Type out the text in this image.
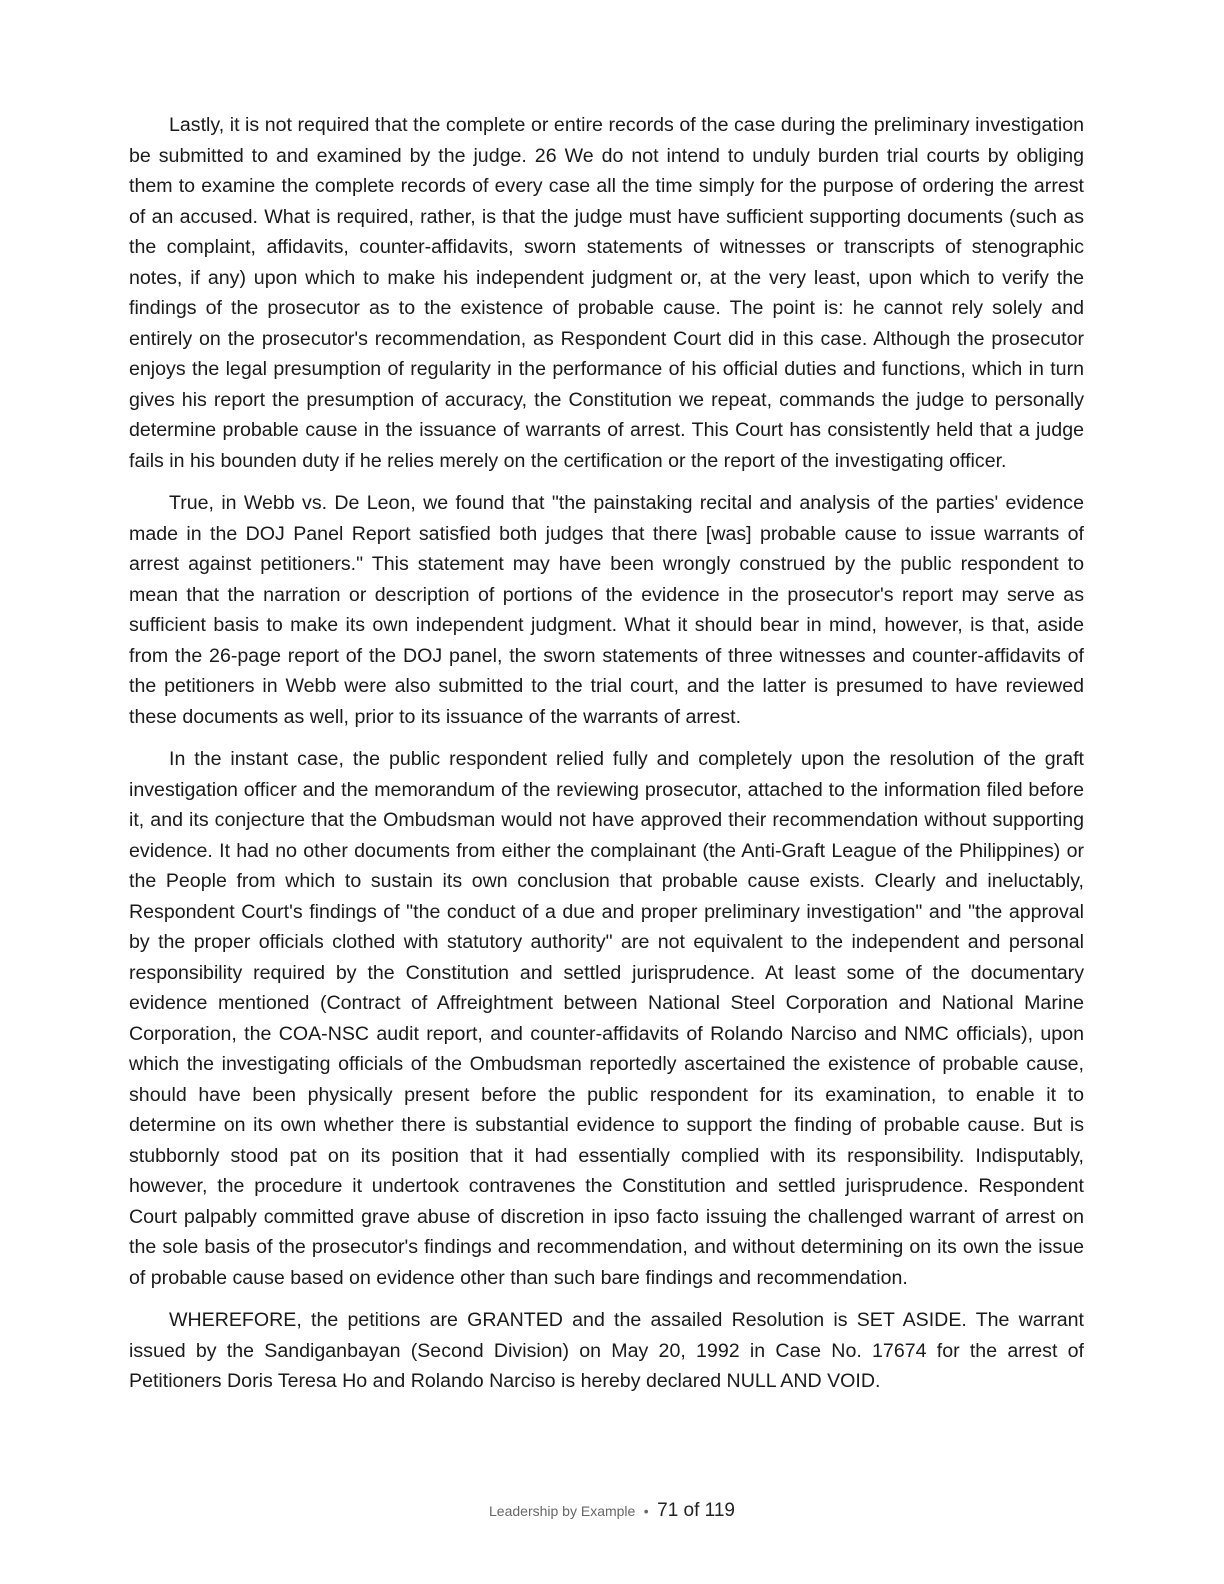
Lastly, it is not required that the complete or entire records of the case during the preliminary investigation be submitted to and examined by the judge. 26 We do not intend to unduly burden trial courts by obliging them to examine the complete records of every case all the time simply for the purpose of ordering the arrest of an accused. What is required, rather, is that the judge must have sufficient supporting documents (such as the complaint, affidavits, counter-affidavits, sworn statements of witnesses or transcripts of stenographic notes, if any) upon which to make his independent judgment or, at the very least, upon which to verify the findings of the prosecutor as to the existence of probable cause. The point is: he cannot rely solely and entirely on the prosecutor's recommendation, as Respondent Court did in this case. Although the prosecutor enjoys the legal presumption of regularity in the performance of his official duties and functions, which in turn gives his report the presumption of accuracy, the Constitution we repeat, commands the judge to personally determine probable cause in the issuance of warrants of arrest. This Court has consistently held that a judge fails in his bounden duty if he relies merely on the certification or the report of the investigating officer.

True, in Webb vs. De Leon, we found that "the painstaking recital and analysis of the parties' evidence made in the DOJ Panel Report satisfied both judges that there [was] probable cause to issue warrants of arrest against petitioners." This statement may have been wrongly construed by the public respondent to mean that the narration or description of portions of the evidence in the prosecutor's report may serve as sufficient basis to make its own independent judgment. What it should bear in mind, however, is that, aside from the 26-page report of the DOJ panel, the sworn statements of three witnesses and counter-affidavits of the petitioners in Webb were also submitted to the trial court, and the latter is presumed to have reviewed these documents as well, prior to its issuance of the warrants of arrest.

In the instant case, the public respondent relied fully and completely upon the resolution of the graft investigation officer and the memorandum of the reviewing prosecutor, attached to the information filed before it, and its conjecture that the Ombudsman would not have approved their recommendation without supporting evidence. It had no other documents from either the complainant (the Anti-Graft League of the Philippines) or the People from which to sustain its own conclusion that probable cause exists. Clearly and ineluctably, Respondent Court's findings of "the conduct of a due and proper preliminary investigation" and "the approval by the proper officials clothed with statutory authority" are not equivalent to the independent and personal responsibility required by the Constitution and settled jurisprudence. At least some of the documentary evidence mentioned (Contract of Affreightment between National Steel Corporation and National Marine Corporation, the COA-NSC audit report, and counter-affidavits of Rolando Narciso and NMC officials), upon which the investigating officials of the Ombudsman reportedly ascertained the existence of probable cause, should have been physically present before the public respondent for its examination, to enable it to determine on its own whether there is substantial evidence to support the finding of probable cause. But is stubbornly stood pat on its position that it had essentially complied with its responsibility. Indisputably, however, the procedure it undertook contravenes the Constitution and settled jurisprudence. Respondent Court palpably committed grave abuse of discretion in ipso facto issuing the challenged warrant of arrest on the sole basis of the prosecutor's findings and recommendation, and without determining on its own the issue of probable cause based on evidence other than such bare findings and recommendation.

WHEREFORE, the petitions are GRANTED and the assailed Resolution is SET ASIDE. The warrant issued by the Sandiganbayan (Second Division) on May 20, 1992 in Case No. 17674 for the arrest of Petitioners Doris Teresa Ho and Rolando Narciso is hereby declared NULL AND VOID.

Leadership by Example • 71 of 119
